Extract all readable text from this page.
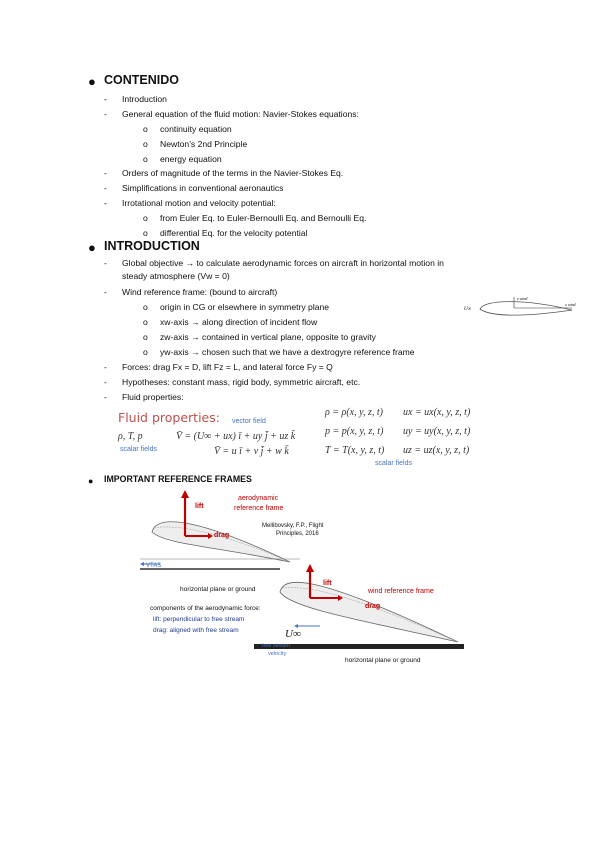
● CONTENIDO
- Introduction
- General equation of the fluid motion: Navier-Stokes equations:
o continuity equation
o Newton’s 2nd Principle
o energy equation
- Orders of magnitude of the terms in the Navier-Stokes Eq.
- Simplifications in conventional aeronautics
- Irrotational motion and velocity potential:
o from Euler Eq. to Euler-Bernoulli Eq. and Bernoulli Eq.
o differential Eq. for the velocity potential
● INTRODUCTION
- Global objective → to calculate aerodynamic forces on aircraft in horizontal motion in
steady atmosphere (Vw = 0)
- Wind reference frame: (bound to aircraft)
o origin in CG or elsewhere in symmetry plane
o xw-axis → along direction of incident flow
o zw-axis → contained in vertical plane, opposite to gravity
o yw-axis → chosen such that we have a dextrogyre reference frame
U∞
z wind
x wind
- Forces: drag Fx = D, lift Fz = L, and lateral force Fy = Q
- Hypotheses: constant mass, rigid body, symmetric aircraft, etc.
- Fluid properties:
Fluid properties: vector field
ρ, T, p	V̄ = (U∞ + ux) ī + uy j̄ + uz k̄
scalar fields	V̄ = u ī + v j̄ + w k̄
ρ = ρ(x, y, z, t)
p = p(x, y, z, t)
T = T(x, y, z, t)
ux = ux(x, y, z, t)
uy = uy(x, y, z, t)
uz = uz(x, y, z, t)
scalar fields
● IMPORTANT REFERENCE FRAMES
lift
drag
aerodynamic
reference frame
Mellibovsky, F.P., Flight
Principles, 2016
VTAS
horizontal plane or ground
components of the aerodynamic force:
lift: perpendicular to free stream
drag: aligned with free stream
lift
drag
wind reference frame
U∞
free stream
velocity
horizontal plane or ground
